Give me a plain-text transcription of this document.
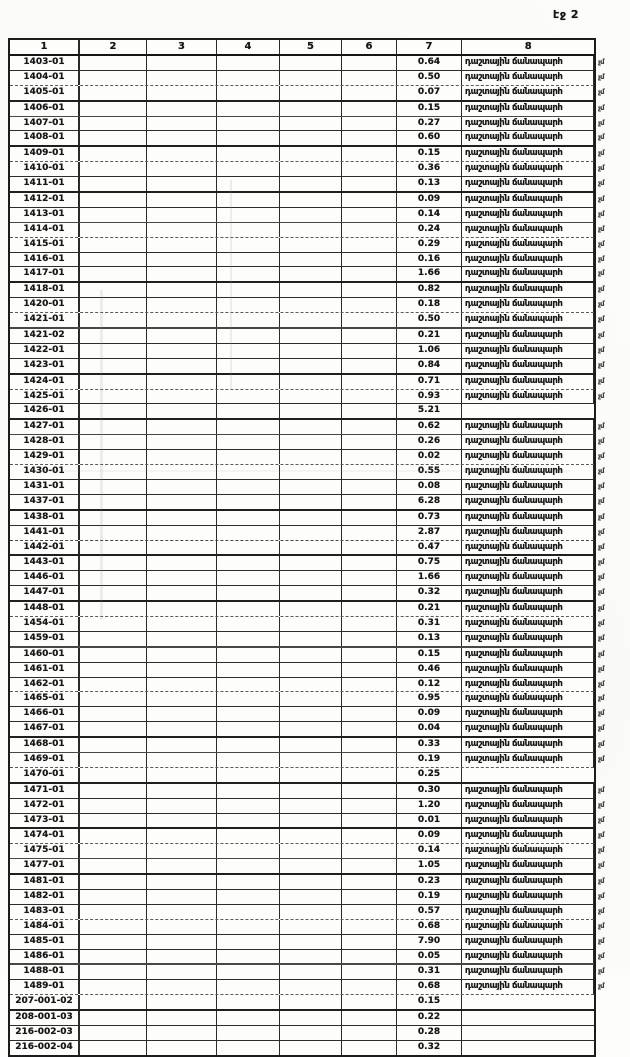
էջ 2
1	2	3	4	5	6	7	8
1403-01	0.64	դաշտային ճանապարհ	չմ
1404-01	0.50	դաշտային ճանապարհ	չմ
1405-01	0.07	դաշտային ճանապարհ	չմ
1406-01	0.15	դաշտային ճանապարհ	չմ
1407-01	0.27	դաշտային ճանապարհ	չմ
1408-01	0.60	դաշտային ճանապարհ	չմ
1409-01	0.15	դաշտային ճանապարհ	չմ
1410-01	0.36	դաշտային ճանապարհ	չմ
1411-01	0.13	դաշտային ճանապարհ	չմ
1412-01	0.09	դաշտային ճանապարհ	չմ
1413-01	0.14	դաշտային ճանապարհ	չմ
1414-01	0.24	դաշտային ճանապարհ	չմ
1415-01	0.29	դաշտային ճանապարհ	չմ
1416-01	0.16	դաշտային ճանապարհ	չմ
1417-01	1.66	դաշտային ճանապարհ	չմ
1418-01	0.82	դաշտային ճանապարհ	չմ
1420-01	0.18	դաշտային ճանապարհ	չմ
1421-01	0.50	դաշտային ճանապարհ	չմ
1421-02	0.21	դաշտային ճանապարհ	չմ
1422-01	1.06	դաշտային ճանապարհ	չմ
1423-01	0.84	դաշտային ճանապարհ	չմ
1424-01	0.71	դաշտային ճանապարհ	չմ
1425-01	0.93	դաշտային ճանապարհ	չմ
1426-01	5.21
1427-01	0.62	դաշտային ճանապարհ	չմ
1428-01	0.26	դաշտային ճանապարհ	չմ
1429-01	0.02	դաշտային ճանապարհ	չմ
1430-01	0.55	դաշտային ճանապարհ	չմ
1431-01	0.08	դաշտային ճանապարհ	չմ
1437-01	6.28	դաշտային ճանապարհ	չմ
1438-01	0.73	դաշտային ճանապարհ	չմ
1441-01	2.87	դաշտային ճանապարհ	չմ
1442-01	0.47	դաշտային ճանապարհ	չմ
1443-01	0.75	դաշտային ճանապարհ	չմ
1446-01	1.66	դաշտային ճանապարհ	չմ
1447-01	0.32	դաշտային ճանապարհ	չմ
1448-01	0.21	դաշտային ճանապարհ	չմ
1454-01	0.31	դաշտային ճանապարհ	չմ
1459-01	0.13	դաշտային ճանապարհ	չմ
1460-01	0.15	դաշտային ճանապարհ	չմ
1461-01	0.46	դաշտային ճանապարհ	չմ
1462-01	0.12	դաշտային ճանապարհ	չմ
1465-01	0.95	դաշտային ճանապարհ	չմ
1466-01	0.09	դաշտային ճանապարհ	չմ
1467-01	0.04	դաշտային ճանապարհ	չմ
1468-01	0.33	դաշտային ճանապարհ	չմ
1469-01	0.19	դաշտային ճանապարհ	չմ
1470-01	0.25
1471-01	0.30	դաշտային ճանապարհ	չմ
1472-01	1.20	դաշտային ճանապարհ	չմ
1473-01	0.01	դաշտային ճանապարհ	չմ
1474-01	0.09	դաշտային ճանապարհ	չմ
1475-01	0.14	դաշտային ճանապարհ	չմ
1477-01	1.05	դաշտային ճանապարհ	չմ
1481-01	0.23	դաշտային ճանապարհ	չմ
1482-01	0.19	դաշտային ճանապարհ	չմ
1483-01	0.57	դաշտային ճանապարհ	չմ
1484-01	0.68	դաշտային ճանապարհ	չմ
1485-01	7.90	դաշտային ճանապարհ	չմ
1486-01	0.05	դաշտային ճանապարհ	չմ
1488-01	0.31	դաշտային ճանապարհ	չմ
1489-01	0.68	դաշտային ճանապարհ	չմ
207-001-02	0.15
208-001-03	0.22
216-002-03	0.28
216-002-04	0.32
